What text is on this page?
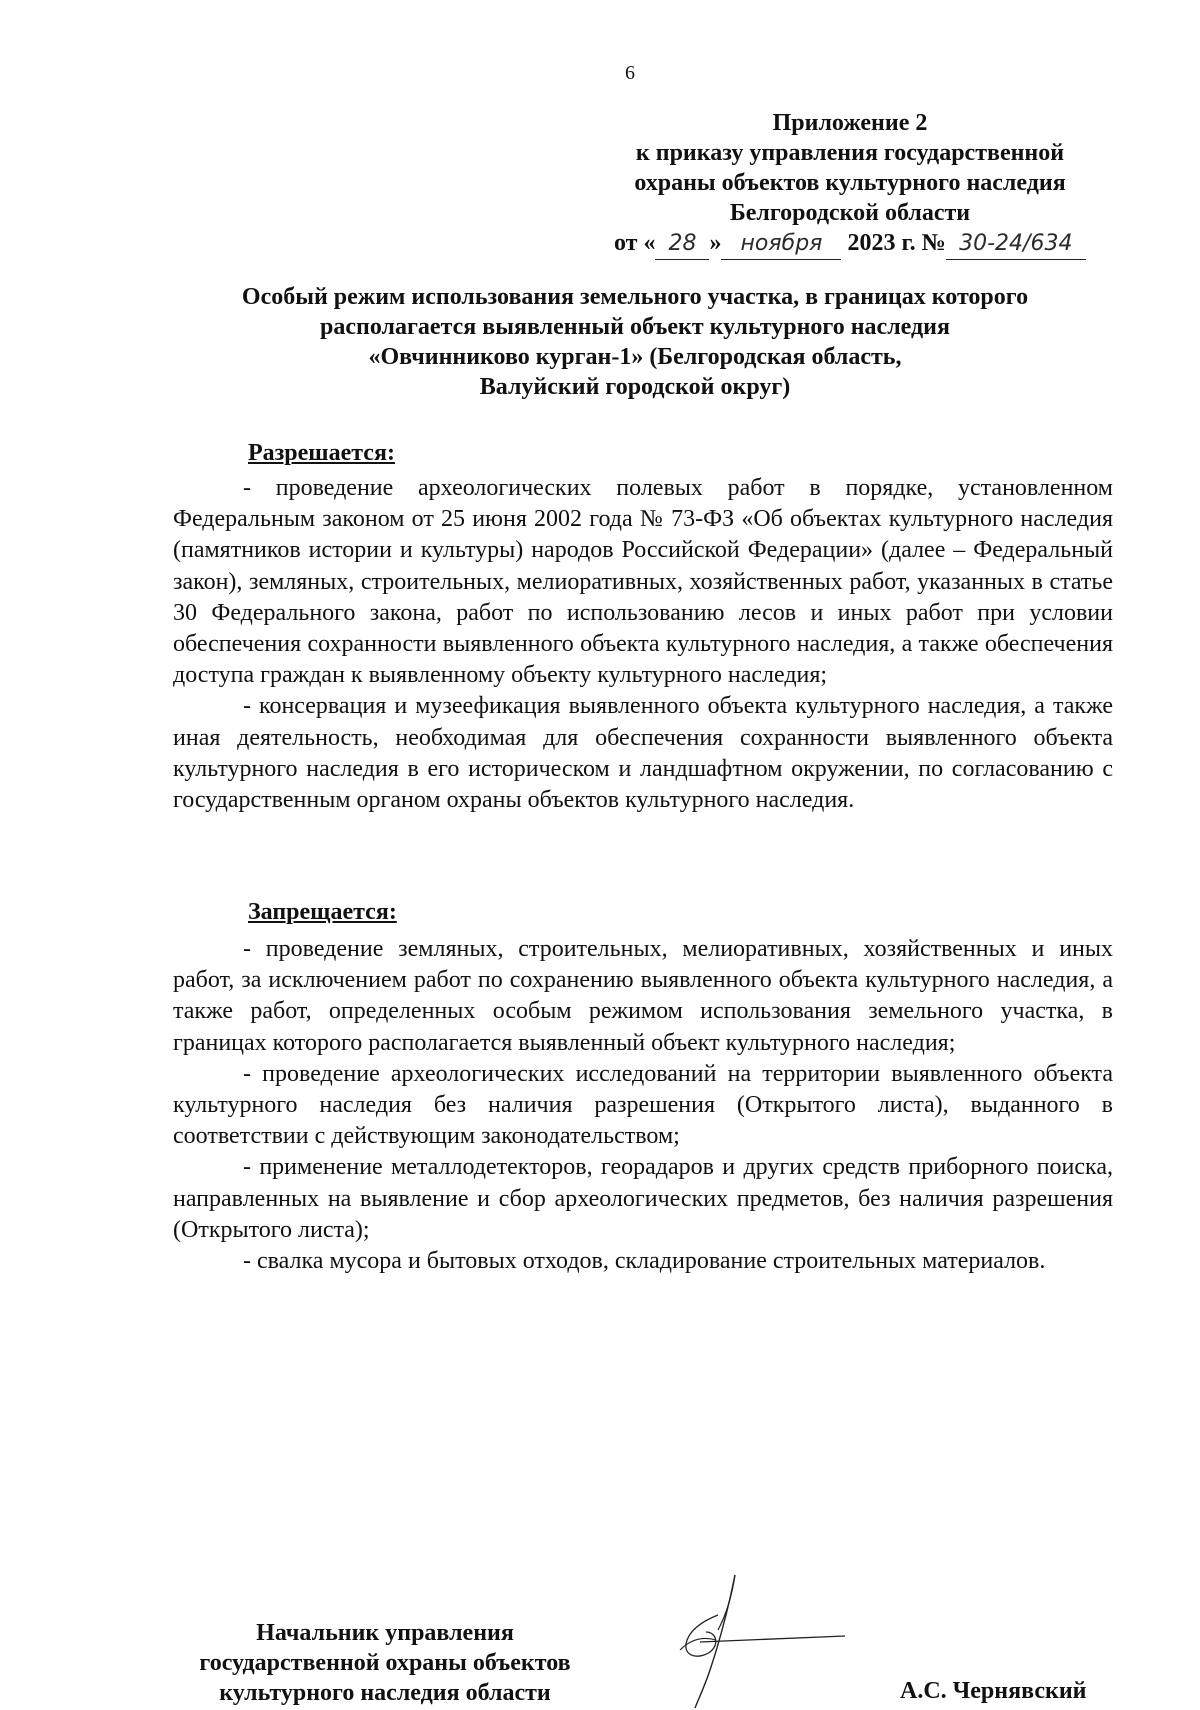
6
Приложение 2
к приказу управления государственной
охраны объектов культурного наследия
Белгородской области
от « 28 » ноября 2023 г. № 30-24/634
Особый режим использования земельного участка, в границах которого
располагается выявленный объект культурного наследия
«Овчинниково курган-1» (Белгородская область,
Валуйский городской округ)
Разрешается:

- проведение археологических полевых работ в порядке, установленном Федеральным законом от 25 июня 2002 года № 73-ФЗ «Об объектах культурного наследия (памятников истории и культуры) народов Российской Федерации» (далее – Федеральный закон), земляных, строительных, мелиоративных, хозяйственных работ, указанных в статье 30 Федерального закона, работ по использованию лесов и иных работ при условии обеспечения сохранности выявленного объекта культурного наследия, а также обеспечения доступа граждан к выявленному объекту культурного наследия;

- консервация и музеефикация выявленного объекта культурного наследия, а также иная деятельность, необходимая для обеспечения сохранности выявленного объекта культурного наследия в его историческом и ландшафтном окружении, по согласованию с государственным органом охраны объектов культурного наследия.

Запрещается:

- проведение земляных, строительных, мелиоративных, хозяйственных и иных работ, за исключением работ по сохранению выявленного объекта культурного наследия, а также работ, определенных особым режимом использования земельного участка, в границах которого располагается выявленный объект культурного наследия;

- проведение археологических исследований на территории выявленного объекта культурного наследия без наличия разрешения (Открытого листа), выданного в соответствии с действующим законодательством;

- применение металлодетекторов, георадаров и других средств приборного поиска, направленных на выявление и сбор археологических предметов, без наличия разрешения (Открытого листа);

- свалка мусора и бытовых отходов, складирование строительных материалов.

Начальник управления
государственной охраны объектов
культурного наследия области	А.С. Чернявский
